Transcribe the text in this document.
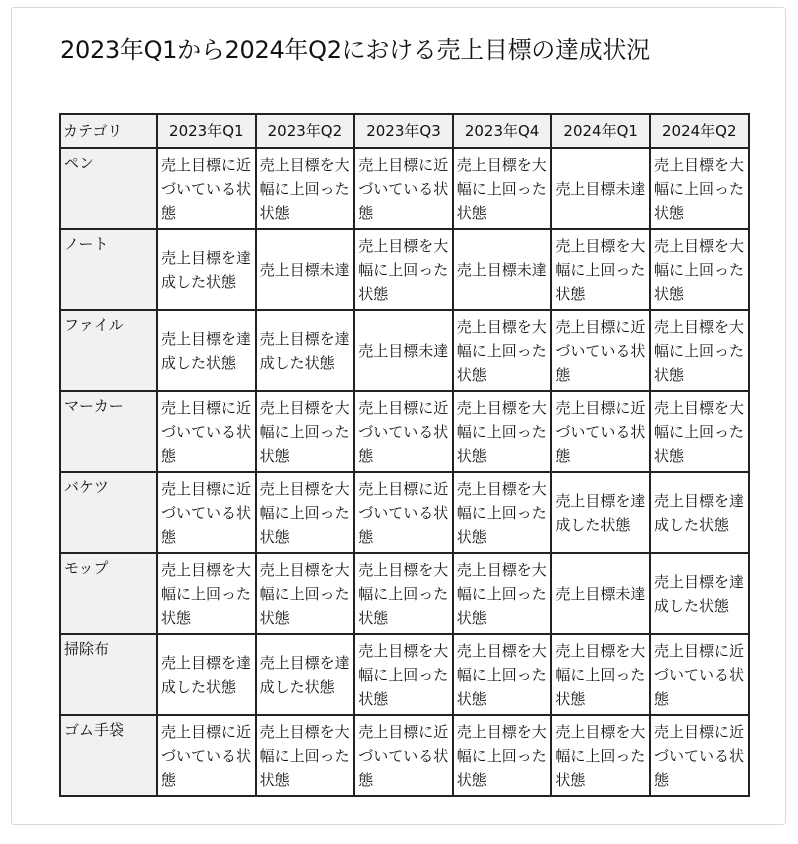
2023年Q1から2024年Q2における売上目標の達成状況
カテゴリ	2023年Q1	2023年Q2	2023年Q3	2023年Q4	2024年Q1	2024年Q2
ペン	売上目標に近づいている状態	売上目標を大幅に上回った状態	売上目標に近づいている状態	売上目標を大幅に上回った状態	売上目標未達	売上目標を大幅に上回った状態
ノート	売上目標を達成した状態	売上目標未達	売上目標を大幅に上回った状態	売上目標未達	売上目標を大幅に上回った状態	売上目標を大幅に上回った状態
ファイル	売上目標を達成した状態	売上目標を達成した状態	売上目標未達	売上目標を大幅に上回った状態	売上目標に近づいている状態	売上目標を大幅に上回った状態
マーカー	売上目標に近づいている状態	売上目標を大幅に上回った状態	売上目標に近づいている状態	売上目標を大幅に上回った状態	売上目標に近づいている状態	売上目標を大幅に上回った状態
バケツ	売上目標に近づいている状態	売上目標を大幅に上回った状態	売上目標に近づいている状態	売上目標を大幅に上回った状態	売上目標を達成した状態	売上目標を達成した状態
モップ	売上目標を大幅に上回った状態	売上目標を大幅に上回った状態	売上目標を大幅に上回った状態	売上目標を大幅に上回った状態	売上目標未達	売上目標を達成した状態
掃除布	売上目標を達成した状態	売上目標を達成した状態	売上目標を大幅に上回った状態	売上目標を大幅に上回った状態	売上目標を大幅に上回った状態	売上目標に近づいている状態
ゴム手袋	売上目標に近づいている状態	売上目標を大幅に上回った状態	売上目標に近づいている状態	売上目標を大幅に上回った状態	売上目標を大幅に上回った状態	売上目標に近づいている状態
